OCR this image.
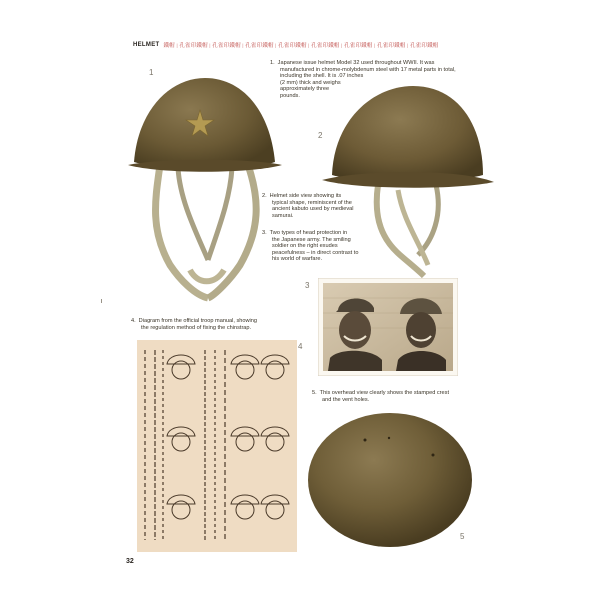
HELMET 鐵帽 | 孔雀印鐵帽 | 孔雀印鐵帽 | 孔雀印鐵帽 | 孔雀印鐵帽 | 孔雀印鐵帽 | 孔雀印鐵帽 | 孔雀印鐵帽 | 孔雀印鐵帽
1
2
1. Japanese issue helmet Model 32 used throughout WWII. It was
manufactured in chrome-molybdenum steel with 17 metal parts in total,
including the shell. It is .07 inches
(2 mm) thick and weighs
approximately three
pounds.
2. Helmet side view showing its
typical shape, reminiscent of the
ancient kabuto used by medieval
samurai.
3. Two types of head protection in
the Japanese army. The smiling
soldier on the right exudes
peacefulness – in direct contrast to
his world of warfare.
3
4. Diagram from the official troop manual, showing
the regulation method of fixing the chinstrap.
4
5. This overhead view clearly shows the stamped crest
and the vent holes.
5
32
